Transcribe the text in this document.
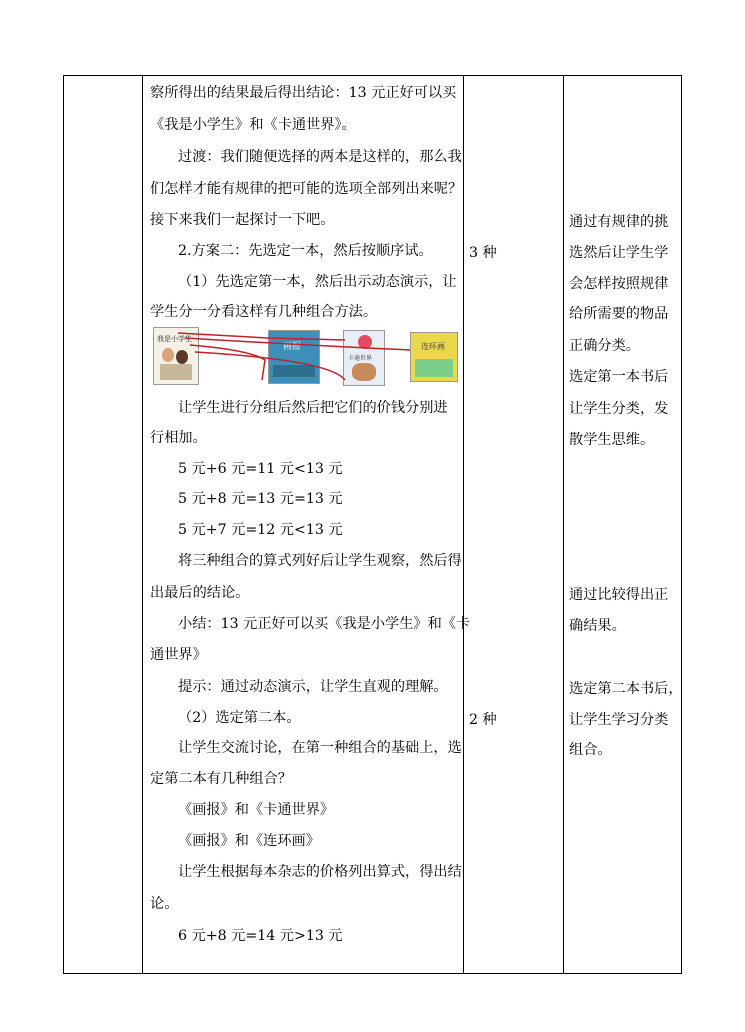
察所得出的结果最后得出结论：13 元正好可以买
《我是小学生》和《卡通世界》。
过渡：我们随便选择的两本是这样的，那么我
们怎样才能有规律的把可能的选项全部列出来呢？
接下来我们一起探讨一下吧。
2.方案二：先选定一本，然后按顺序试。
（1）先选定第一本，然后出示动态演示，让
学生分一分看这样有几种组合方法。
我是小学生
画报
卡通世界
连环画
让学生进行分组后然后把它们的价钱分别进
行相加。
5 元+6 元=11 元<13 元
5 元+8 元=13 元=13 元
5 元+7 元=12 元<13 元
将三种组合的算式列好后让学生观察，然后得
出最后的结论。
小结：13 元正好可以买《我是小学生》和《卡
通世界》
提示：通过动态演示，让学生直观的理解。
（2）选定第二本。
让学生交流讨论，在第一种组合的基础上，选
定第二本有几种组合？
《画报》和《卡通世界》
《画报》和《连环画》
让学生根据每本杂志的价格列出算式，得出结
论。
6 元+8 元=14 元>13 元
3 种
2 种
通过有规律的挑
选然后让学生学
会怎样按照规律
给所需要的物品
正确分类。
选定第一本书后
让学生分类，发
散学生思维。
通过比较得出正
确结果。
选定第二本书后，
让学生学习分类
组合。
